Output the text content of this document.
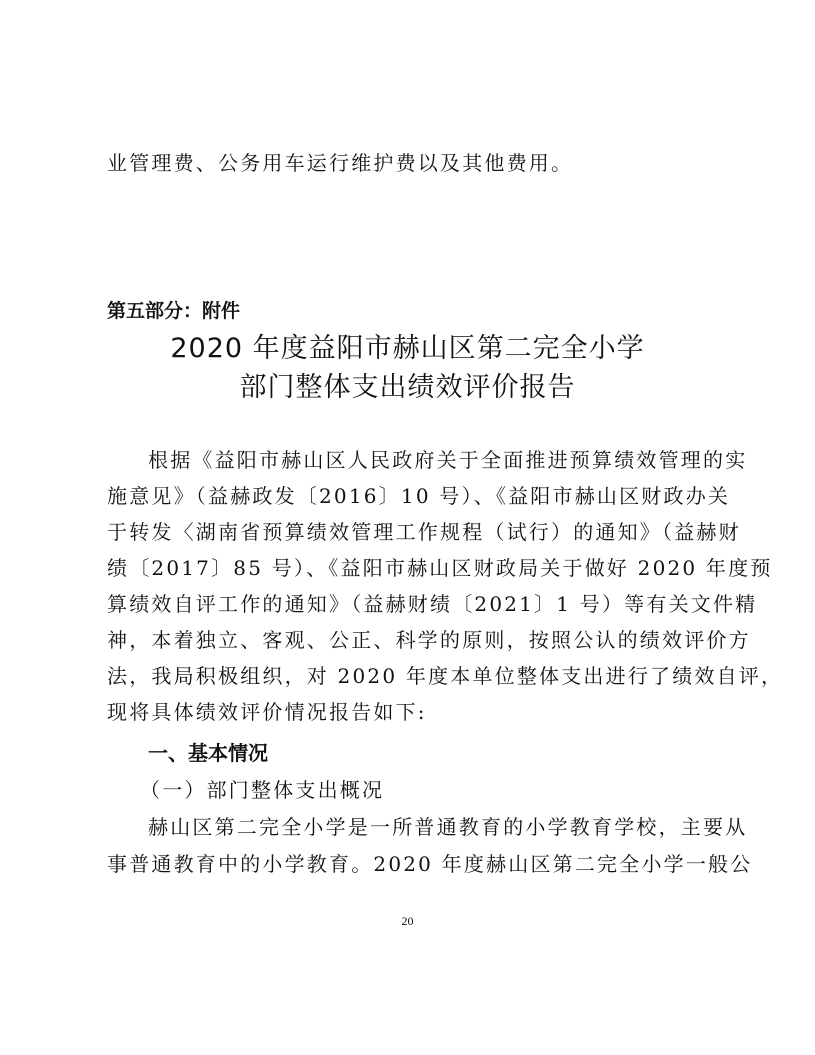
业管理费、公务用车运行维护费以及其他费用。
第五部分：附件
2020 年度益阳市赫山区第二完全小学
部门整体支出绩效评价报告
根据《益阳市赫山区人民政府关于全面推进预算绩效管理的实
施意见》（益赫政发〔2016〕10 号）、《益阳市赫山区财政办关
于转发〈湖南省预算绩效管理工作规程（试行）的通知》（益赫财
绩〔2017〕85 号）、《益阳市赫山区财政局关于做好 2020 年度预
算绩效自评工作的通知》（益赫财绩〔2021〕1 号）等有关文件精
神，本着独立、客观、公正、科学的原则，按照公认的绩效评价方
法，我局积极组织，对 2020 年度本单位整体支出进行了绩效自评，
现将具体绩效评价情况报告如下:
一、基本情况
（一）部门整体支出概况
赫山区第二完全小学是一所普通教育的小学教育学校，主要从
事普通教育中的小学教育。2020 年度赫山区第二完全小学一般公
20
